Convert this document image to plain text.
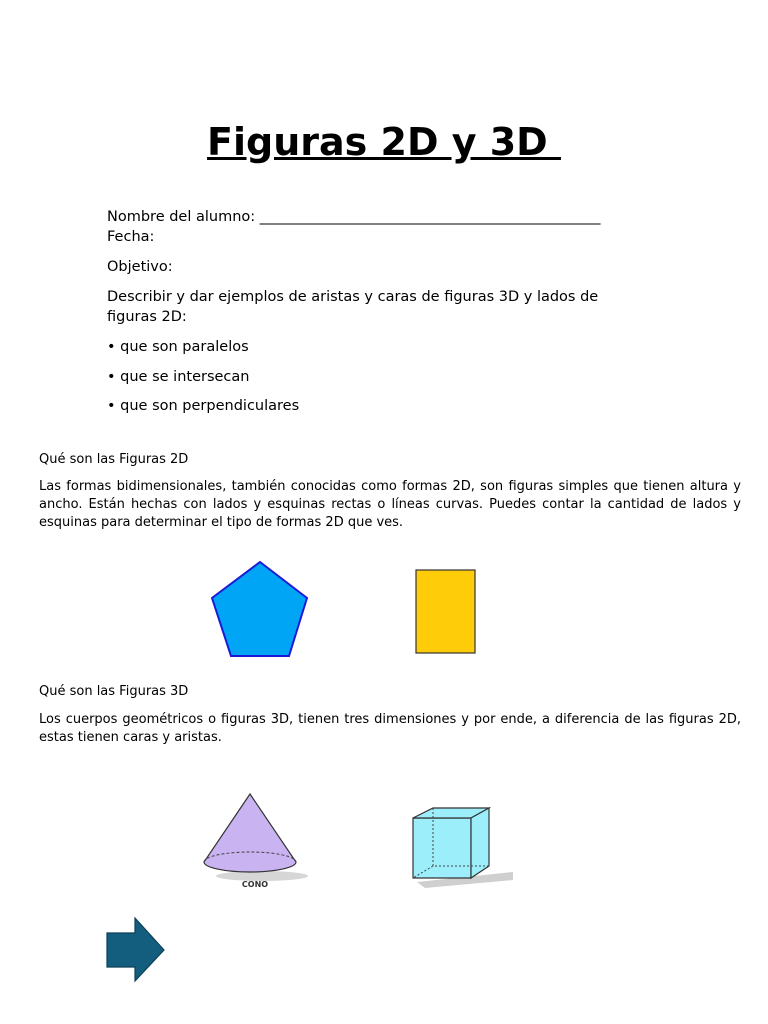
Figuras 2D y 3D
Nombre del alumno: _______________________________________________
Fecha:
Objetivo:
Describir y dar ejemplos de aristas y caras de figuras 3D y lados de figuras 2D:
• que son paralelos
• que se intersecan
• que son perpendiculares
Qué son las Figuras 2D
Las formas bidimensionales, también conocidas como formas 2D, son figuras simples que tienen altura y ancho. Están hechas con lados y esquinas rectas o líneas curvas. Puedes contar la cantidad de lados y esquinas para determinar el tipo de formas 2D que ves.
Qué son las Figuras 3D
Los cuerpos geométricos o figuras 3D, tienen tres dimensiones y por ende, a diferencia de las figuras 2D, estas tienen caras y aristas.
CONO
